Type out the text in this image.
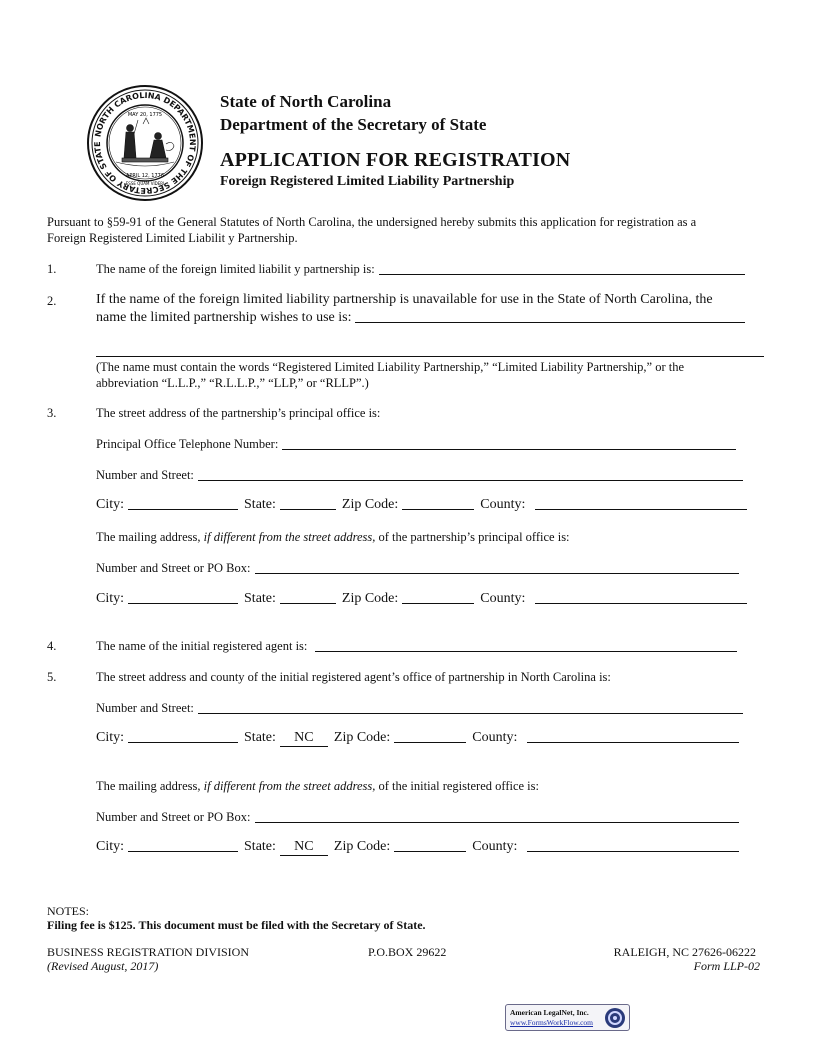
NORTH CAROLINA DEPARTMENT OF THE SECRETARY OF STATE
MAY 20, 1775
APRIL 12, 1776
ESSE QUAM VIDERI
State of North Carolina
Department of the Secretary of State
APPLICATION FOR REGISTRATION
Foreign Registered Limited Liability Partnership
Pursuant to §59-91 of the General Statutes of North Carolina, the undersigned hereby submits this application for registration as a
Foreign Registered Limited Liabilit y Partnership.
1.	The name of the foreign limited liabilit y partnership is:
2.	If the name of the foreign limited liability partnership is unavailable for use in the State of North Carolina, the
name the limited partnership wishes to use is:
(The name must contain the words “Registered Limited Liability Partnership,” “Limited Liability Partnership,” or the
abbreviation “L.L.P.,” “R.L.L.P.,” “LLP,” or “RLLP”.)
3.	The street address of the partnership’s principal office is:
Principal Office Telephone Number:
Number and Street:
City:	State:	Zip Code:	County:
The mailing address,
if different from the street address,
of the partnership’s principal office is:
Number and Street or PO Box:
City:	State:	Zip Code:	County:
4.	The name of the initial registered agent is:
5.	The street address and county of the initial registered agent’s office of partnership in North Carolina is:
Number and Street:
City:	State:	NC	Zip Code:	County:
The mailing address,
if different from the street address,
of the initial registered office is:
Number and Street or PO Box:
City:	State:	NC	Zip Code:	County:
NOTES:
Filing fee is $125. This document must be filed with the Secretary of State.
BUSINESS REGISTRATION DIVISION	P.O.BOX 29622	RALEIGH, NC 27626-06222
(Revised August, 2017)	Form LLP-02
American LegalNet, Inc.
www.FormsWorkFlow.com
